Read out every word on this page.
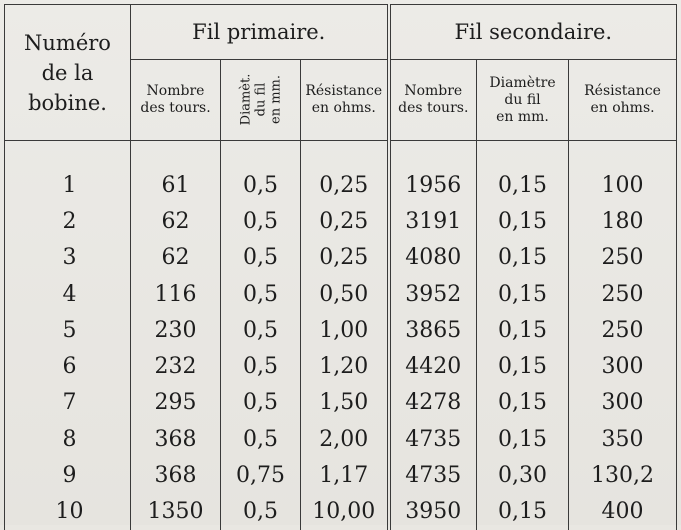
Numéro
de la
bobine.	Fil primaire.			Fil secondaire.		
	Nombre
des tours.	Diamèt.
du fil
en mm.	Résistance
en ohms.	Nombre
des tours.	Diamètre
du fil
en mm.	Résistance
en ohms.
1	61	0,5	0,25	1956	0,15	100
2	62	0,5	0,25	3191	0,15	180
3	62	0,5	0,25	4080	0,15	250
4	116	0,5	0,50	3952	0,15	250
5	230	0,5	1,00	3865	0,15	250
6	232	0,5	1,20	4420	0,15	300
7	295	0,5	1,50	4278	0,15	300
8	368	0,5	2,00	4735	0,15	350
9	368	0,75	1,17	4735	0,30	130,2
10	1350	0,5	10,00	3950	0,15	400
